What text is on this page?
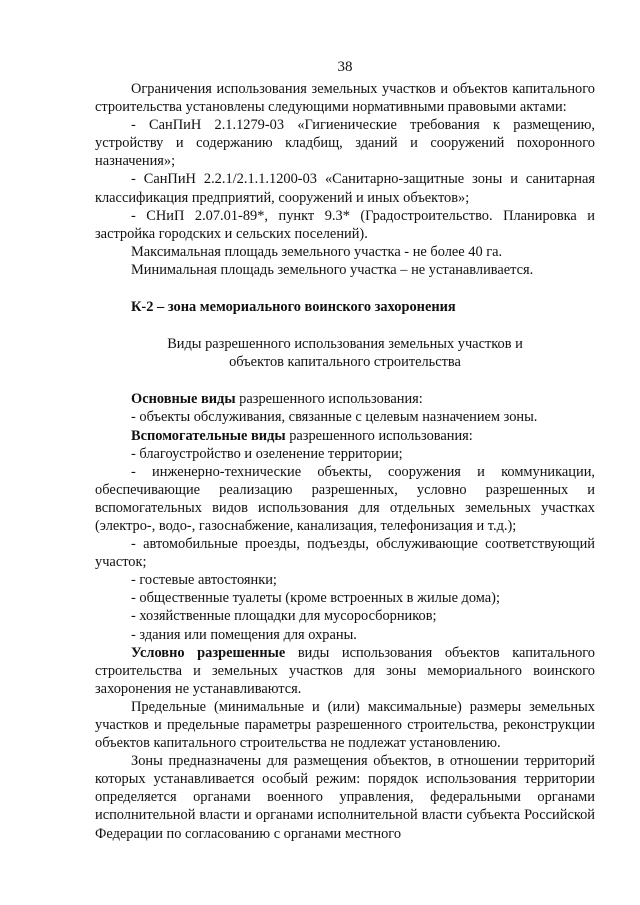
38

Ограничения использования земельных участков и объектов капитального строительства установлены следующими нормативными правовыми актами:

- СанПиН 2.1.1279-03 «Гигиенические требования к размещению, устройству и содержанию кладбищ, зданий и сооружений похоронного назначения»;

- СанПиН 2.2.1/2.1.1.1200-03 «Санитарно-защитные зоны и санитарная классификация предприятий, сооружений и иных объектов»;

- СНиП 2.07.01-89*, пункт 9.3* (Градостроительство. Планировка и застройка городских и сельских поселений).

Максимальная площадь земельного участка - не более 40 га.

Минимальная площадь земельного участка – не устанавливается.

К-2 – зона мемориального воинского захоронения

Виды разрешенного использования земельных участков и
объектов капитального строительства

Основные виды разрешенного использования:

- объекты обслуживания, связанные с целевым назначением зоны.

Вспомогательные виды разрешенного использования:

- благоустройство и озеленение территории;

- инженерно-технические объекты, сооружения и коммуникации, обеспечивающие реализацию разрешенных, условно разрешенных и вспомогательных видов использования для отдельных земельных участках (электро-, водо-, газоснабжение, канализация, телефонизация и т.д.);

- автомобильные проезды, подъезды, обслуживающие соответствующий участок;

- гостевые автостоянки;

- общественные туалеты (кроме встроенных в жилые дома);

- хозяйственные площадки для мусоросборников;

- здания или помещения для охраны.

Условно разрешенные виды использования объектов капитального строительства и земельных участков для зоны мемориального воинского захоронения не устанавливаются.

Предельные (минимальные и (или) максимальные) размеры земельных участков и предельные параметры разрешенного строительства, реконструкции объектов капитального строительства не подлежат установлению.

Зоны предназначены для размещения объектов, в отношении территорий которых устанавливается особый режим: порядок использования территории определяется органами военного управления, федеральными органами исполнительной власти и органами исполнительной власти субъекта Российской Федерации по согласованию с органами местного
